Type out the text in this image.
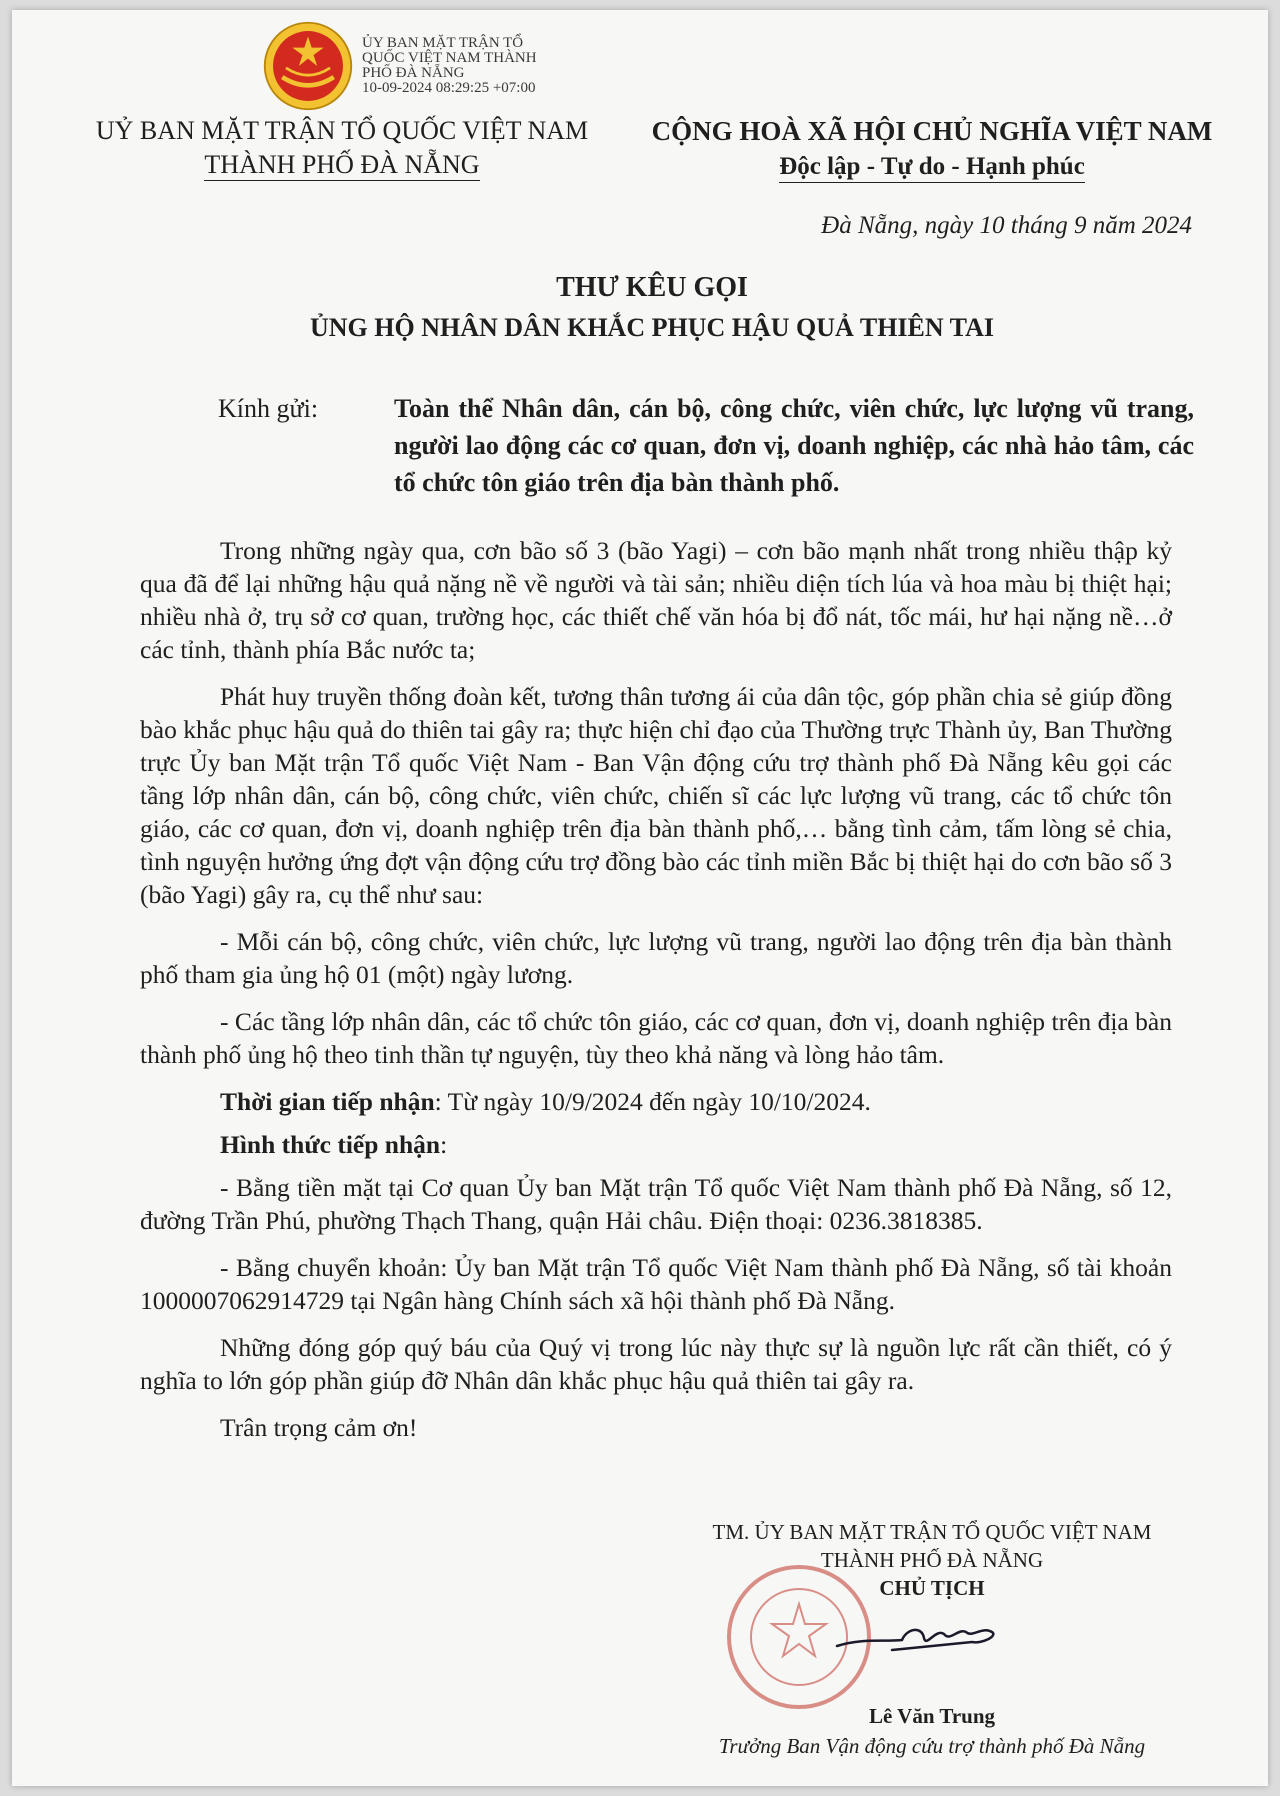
ỦY BAN MẶT TRẬN TỔ
QUỐC VIỆT NAM THÀNH
PHỐ ĐÀ NẴNG
10-09-2024 08:29:25 +07:00
UỶ BAN MẶT TRẬN TỔ QUỐC VIỆT NAM
THÀNH PHỐ ĐÀ NẴNG
CỘNG HOÀ XÃ HỘI CHỦ NGHĨA VIỆT NAM
Độc lập - Tự do - Hạnh phúc
Đà Nẵng, ngày 10 tháng 9 năm 2024
THƯ KÊU GỌI
ỦNG HỘ NHÂN DÂN KHẮC PHỤC HẬU QUẢ THIÊN TAI
Kính gửi:	Toàn thể Nhân dân, cán bộ, công chức, viên chức, lực lượng vũ trang, người lao động các cơ quan, đơn vị, doanh nghiệp, các nhà hảo tâm, các tổ chức tôn giáo trên địa bàn thành phố.

Trong những ngày qua, cơn bão số 3 (bão Yagi) – cơn bão mạnh nhất trong nhiều thập kỷ qua đã để lại những hậu quả nặng nề về người và tài sản; nhiều diện tích lúa và hoa màu bị thiệt hại; nhiều nhà ở, trụ sở cơ quan, trường học, các thiết chế văn hóa bị đổ nát, tốc mái, hư hại nặng nề…ở các tỉnh, thành phía Bắc nước ta;

Phát huy truyền thống đoàn kết, tương thân tương ái của dân tộc, góp phần chia sẻ giúp đồng bào khắc phục hậu quả do thiên tai gây ra; thực hiện chỉ đạo của Thường trực Thành ủy, Ban Thường trực Ủy ban Mặt trận Tổ quốc Việt Nam - Ban Vận động cứu trợ thành phố Đà Nẵng kêu gọi các tầng lớp nhân dân, cán bộ, công chức, viên chức, chiến sĩ các lực lượng vũ trang, các tổ chức tôn giáo, các cơ quan, đơn vị, doanh nghiệp trên địa bàn thành phố,… bằng tình cảm, tấm lòng sẻ chia, tình nguyện hưởng ứng đợt vận động cứu trợ đồng bào các tỉnh miền Bắc bị thiệt hại do cơn bão số 3 (bão Yagi) gây ra, cụ thể như sau:

- Mỗi cán bộ, công chức, viên chức, lực lượng vũ trang, người lao động trên địa bàn thành phố tham gia ủng hộ 01 (một) ngày lương.

- Các tầng lớp nhân dân, các tổ chức tôn giáo, các cơ quan, đơn vị, doanh nghiệp trên địa bàn thành phố ủng hộ theo tinh thần tự nguyện, tùy theo khả năng và lòng hảo tâm.

Thời gian tiếp nhận: Từ ngày 10/9/2024 đến ngày 10/10/2024.

Hình thức tiếp nhận:

- Bằng tiền mặt tại Cơ quan Ủy ban Mặt trận Tổ quốc Việt Nam thành phố Đà Nẵng, số 12, đường Trần Phú, phường Thạch Thang, quận Hải châu. Điện thoại: 0236.3818385.

- Bằng chuyển khoản: Ủy ban Mặt trận Tổ quốc Việt Nam thành phố Đà Nẵng, số tài khoản 1000007062914729 tại Ngân hàng Chính sách xã hội thành phố Đà Nẵng.

Những đóng góp quý báu của Quý vị trong lúc này thực sự là nguồn lực rất cần thiết, có ý nghĩa to lớn góp phần giúp đỡ Nhân dân khắc phục hậu quả thiên tai gây ra.

Trân trọng cảm ơn!

TM. ỦY BAN MẶT TRẬN TỔ QUỐC VIỆT NAM
THÀNH PHỐ ĐÀ NẴNG
CHỦ TỊCH
Lê Văn Trung
Trưởng Ban Vận động cứu trợ thành phố Đà Nẵng
